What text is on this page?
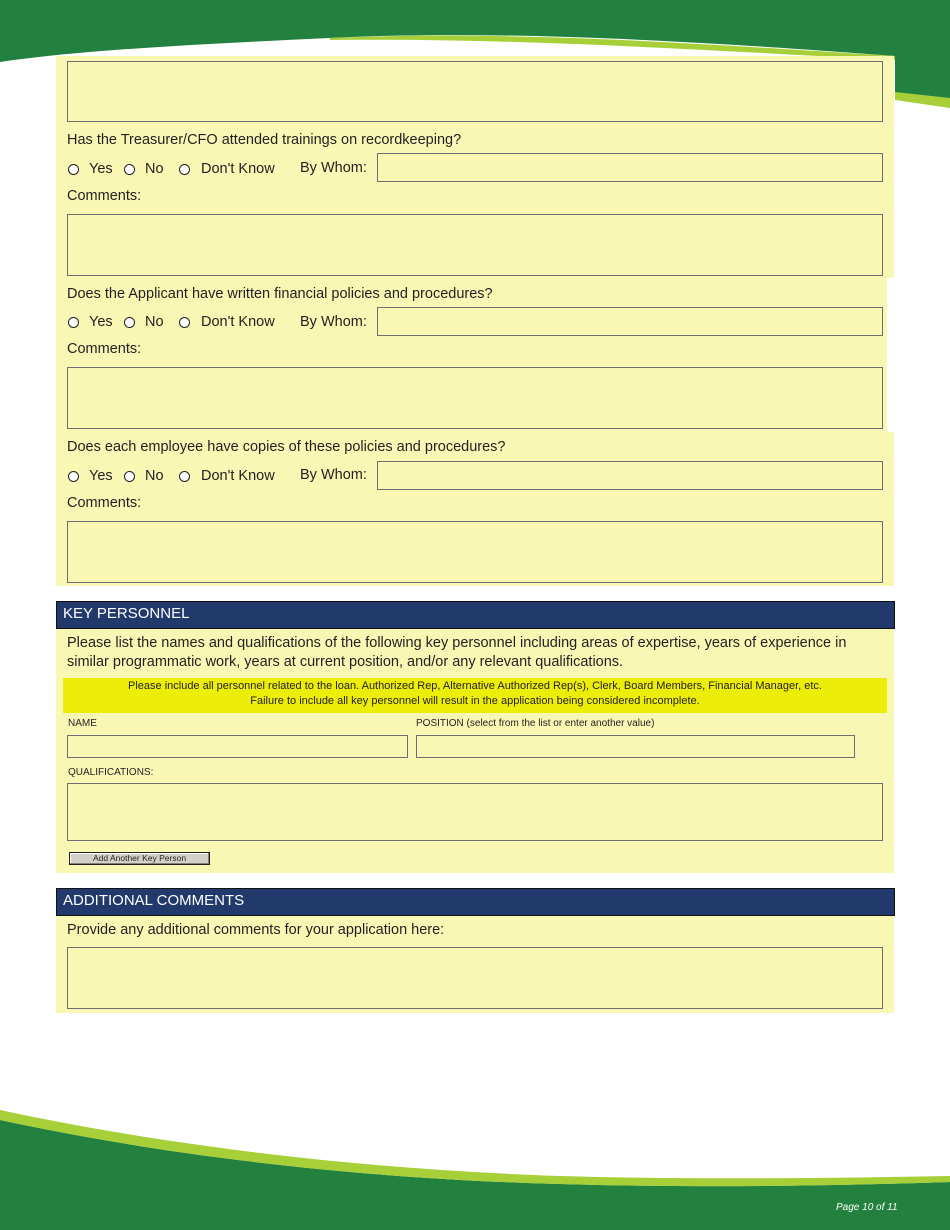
Page 10 of 11
Has the Treasurer/CFO attended trainings on recordkeeping?
Yes No	Don't Know By Whom:
Comments:
Does the Applicant have written financial policies and procedures?
Yes No	Don't Know By Whom:
Comments:
Does each employee have copies of these policies and procedures?
Yes No	Don't Know By Whom:
Comments:
KEY PERSONNEL
Please list the names and qualifications of the following key personnel including areas of expertise, years of experience in
similar programmatic work, years at current position, and/or any relevant qualifications.
Please include all personnel related to the loan. Authorized Rep, Alternative Authorized Rep(s), Clerk, Board Members, Financial Manager, etc.
Failure to include all key personnel will result in the application being considered incomplete.
NAME	POSITION (select from the list or enter another value)
QUALIFICATIONS:
Add Another Key Person
ADDITIONAL COMMENTS
Provide any additional comments for your application here:
